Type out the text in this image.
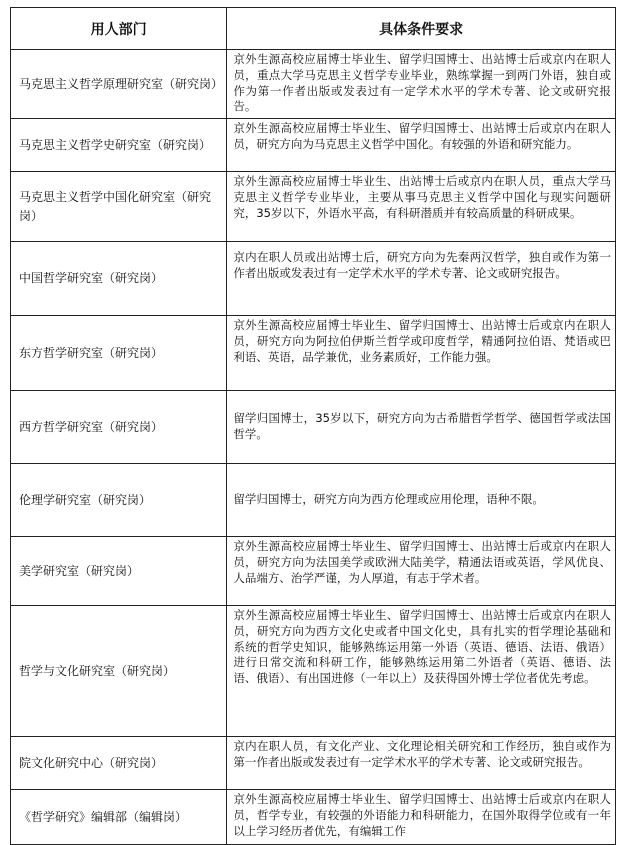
用人部门	具体条件要求
马克思主义哲学原理研究室（研究岗）	京外生源高校应届博士毕业生、留学归国博士、出站博士后或京内在职人员，重点大学马克思主义哲学专业毕业，熟练掌握一到两门外语，独自或作为第一作者出版或发表过有一定学术水平的学术专著、论文或研究报告。
马克思主义哲学史研究室（研究岗）	京外生源高校应届博士毕业生、留学归国博士、出站博士后或京内在职人员，研究方向为马克思主义哲学中国化。有较强的外语和研究能力。
马克思主义哲学中国化研究室（研究岗）	京外生源高校应届博士毕业生、出站博士后或京内在职人员，重点大学马克思主义哲学专业毕业，主要从事马克思主义哲学中国化与现实问题研究，35岁以下，外语水平高，有科研潜质并有较高质量的科研成果。
中国哲学研究室（研究岗）	京内在职人员或出站博士后，研究方向为先秦两汉哲学，独自或作为第一作者出版或发表过有一定学术水平的学术专著、论文或研究报告。
东方哲学研究室（研究岗）	京外生源高校应届博士毕业生、留学归国博士、出站博士后或京内在职人员，研究方向为阿拉伯伊斯兰哲学或印度哲学，精通阿拉伯语、梵语或巴利语、英语，品学兼优，业务素质好，工作能力强。
西方哲学研究室（研究岗）	留学归国博士，35岁以下，研究方向为古希腊哲学哲学、德国哲学或法国哲学。
伦理学研究室（研究岗）	留学归国博士，研究方向为西方伦理或应用伦理，语种不限。
美学研究室（研究岗）	京外生源高校应届博士毕业生、留学归国博士、出站博士后或京内在职人员，研究方向为法国美学或欧洲大陆美学，精通法语或英语，学风优良、人品端方、治学严谨，为人厚道，有志于学术者。
哲学与文化研究室（研究岗）	京外生源高校应届博士毕业生、留学归国博士、出站博士后或京内在职人员，研究方向为西方文化史或者中国文化史，具有扎实的哲学理论基础和系统的哲学史知识，能够熟练运用第一外语（英语、德语、法语、俄语）进行日常交流和科研工作，能够熟练运用第二外语者（英语、德语、法语、俄语）、有出国进修（一年以上）及获得国外博士学位者优先考虑。
院文化研究中心（研究岗）	京内在职人员，有文化产业、文化理论相关研究和工作经历，独自或作为第一作者出版或发表过有一定学术水平的学术专著、论文或研究报告。
《哲学研究》编辑部（编辑岗）	京外生源高校应届博士毕业生、留学归国博士、出站博士后或京内在职人员，哲学专业，有较强的外语能力和科研能力，在国外取得学位或有一年以上学习经历者优先，有编辑工作
